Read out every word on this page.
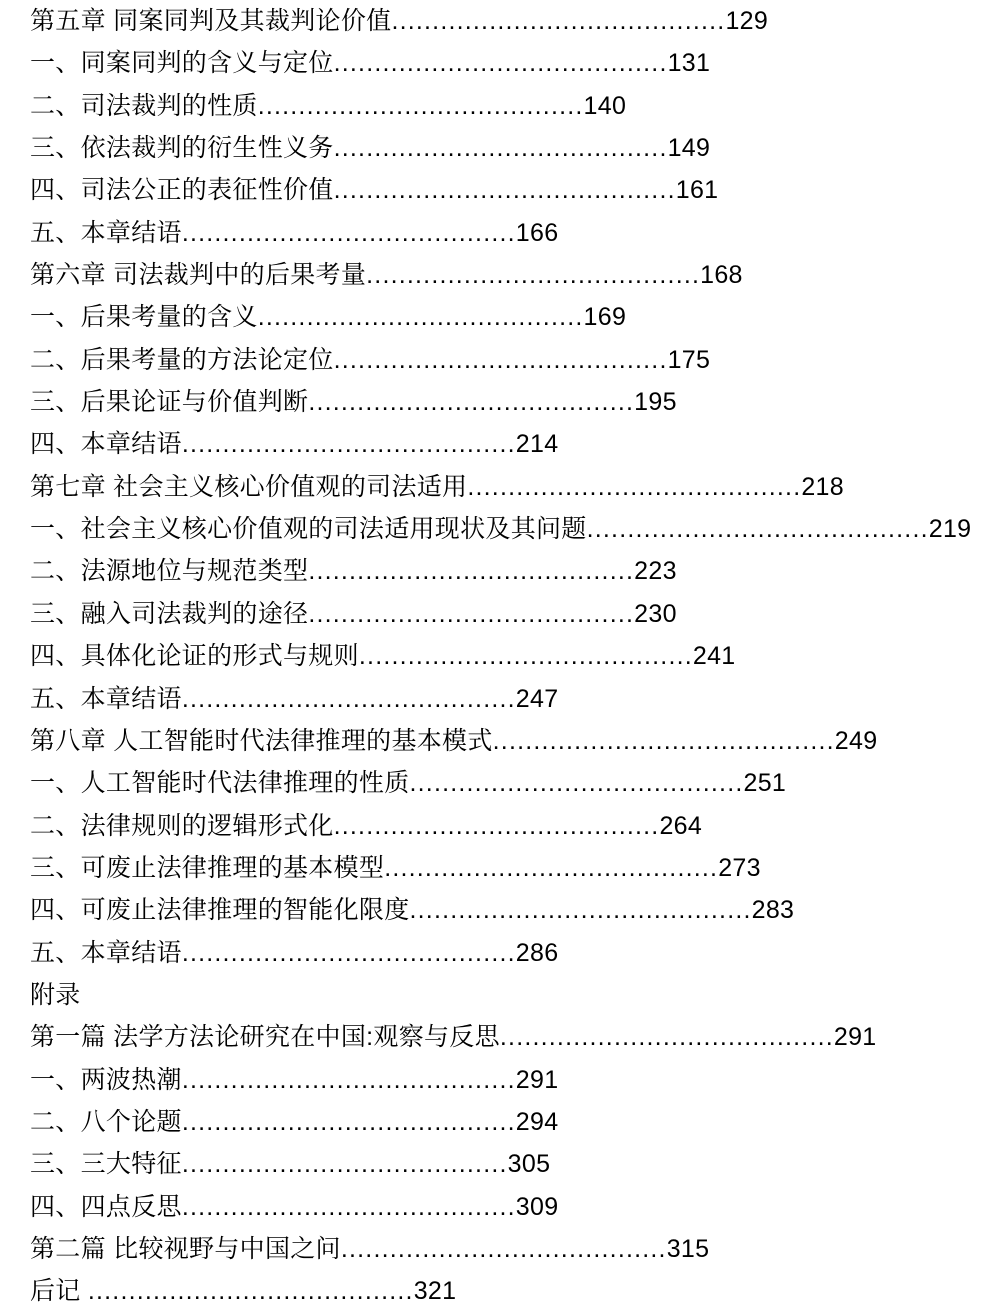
第五章 同案同判及其裁判论价值.........................................129
一、同案同判的含义与定位.........................................131
二、司法裁判的性质........................................140
三、依法裁判的衍生性义务.........................................149
四、司法公正的表征性价值..........................................161
五、本章结语.........................................166
第六章 司法裁判中的后果考量.........................................168
一、后果考量的含义........................................169
二、后果考量的方法论定位.........................................175
三、后果论证与价值判断........................................195
四、本章结语.........................................214
第七章 社会主义核心价值观的司法适用.........................................218
一、社会主义核心价值观的司法适用现状及其问题..........................................219
二、法源地位与规范类型........................................223
三、融入司法裁判的途径........................................230
四、具体化论证的形式与规则.........................................241
五、本章结语.........................................247
第八章 人工智能时代法律推理的基本模式..........................................249
一、人工智能时代法律推理的性质.........................................251
二、法律规则的逻辑形式化........................................264
三、可废止法律推理的基本模型.........................................273
四、可废止法律推理的智能化限度..........................................283
五、本章结语.........................................286
附录
第一篇 法学方法论研究在中国:观察与反思.........................................291
一、两波热潮.........................................291
二、八个论题.........................................294
三、三大特征........................................305
四、四点反思.........................................309
第二篇 比较视野与中国之问........................................315
后记 ........................................321
